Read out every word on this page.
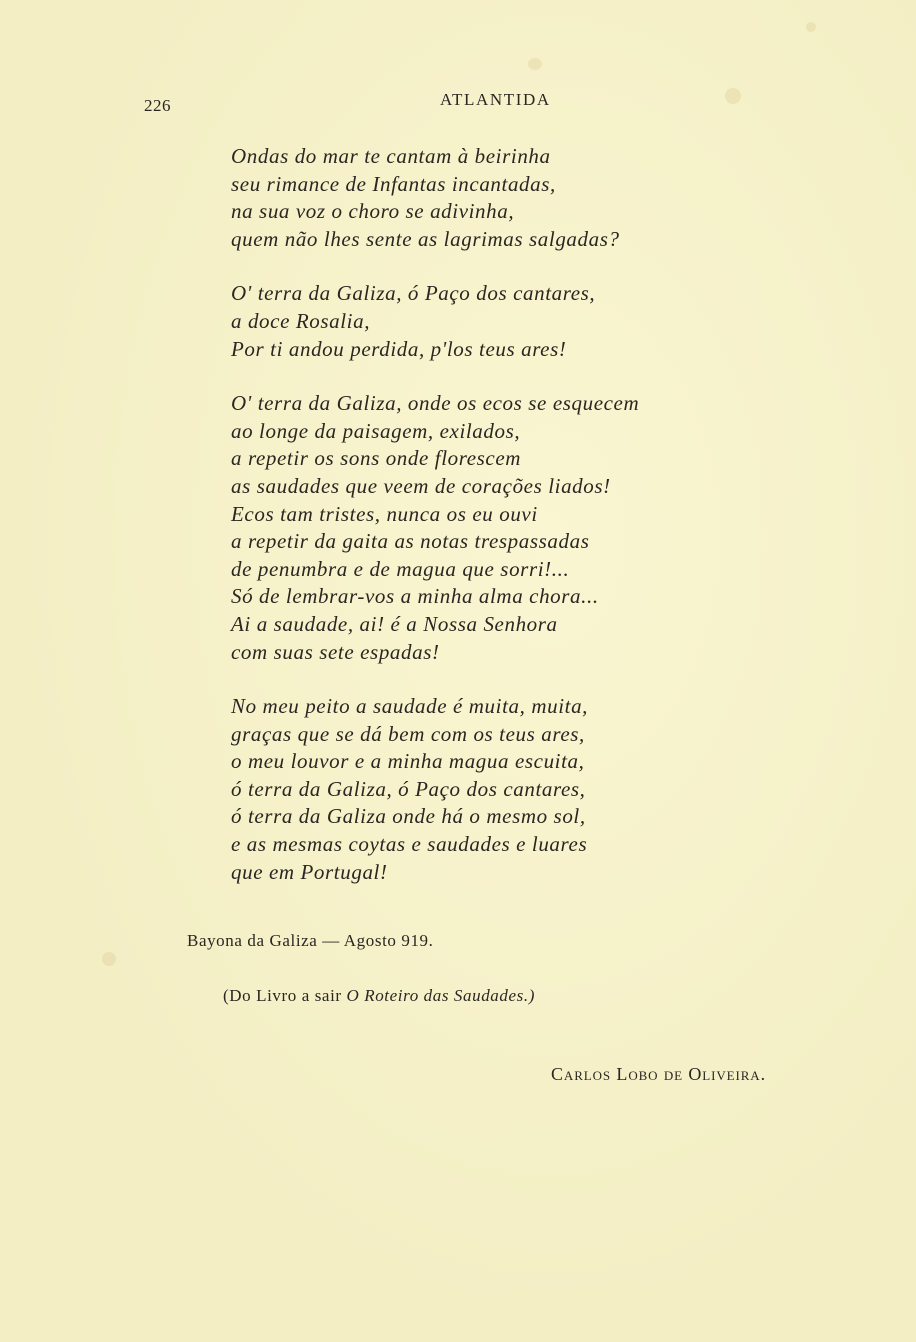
226	ATLANTIDA
Ondas do mar te cantam à beirinha
seu rimance de Infantas incantadas,
na sua voz o choro se adivinha,
quem não lhes sente as lagrimas salgadas?
O' terra da Galiza, ó Paço dos cantares,
a doce Rosalia,
Por ti andou perdida, p'los teus ares!
O' terra da Galiza, onde os ecos se esquecem
ao longe da paisagem, exilados,
a repetir os sons onde florescem
as saudades que veem de corações liados!
Ecos tam tristes, nunca os eu ouvi
a repetir da gaita as notas trespassadas
de penumbra e de magua que sorri!...
Só de lembrar-vos a minha alma chora...
Ai a saudade, ai! é a Nossa Senhora
com suas sete espadas!
No meu peito a saudade é muita, muita,
graças que se dá bem com os teus ares,
o meu louvor e a minha magua escuita,
ó terra da Galiza, ó Paço dos cantares,
ó terra da Galiza onde há o mesmo sol,
e as mesmas coytas e saudades e luares
que em Portugal!
Bayona da Galiza — Agosto 919.
(Do Livro a sair O Roteiro das Saudades.)
Carlos Lobo de Oliveira.
